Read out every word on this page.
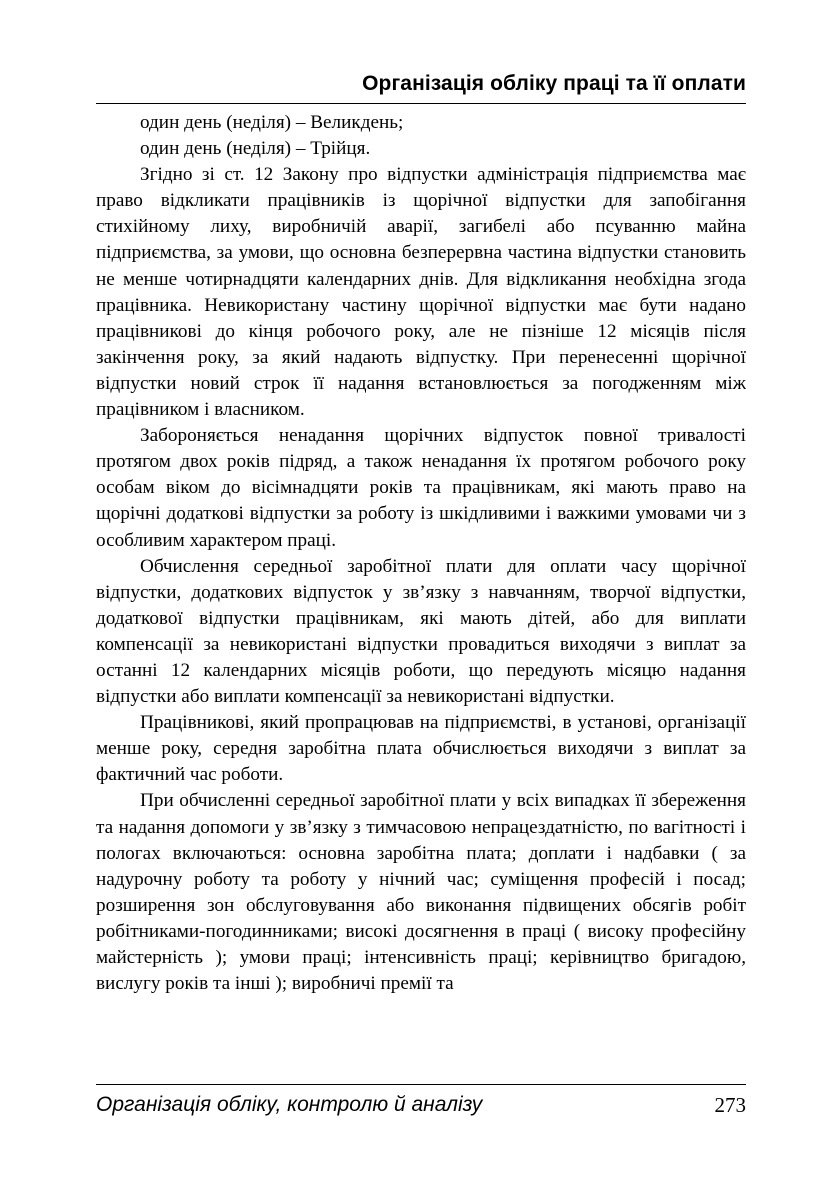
Організація обліку праці та її оплати

один день (неділя) – Великдень;

один день (неділя) – Трійця.

Згідно зі ст. 12 Закону про відпустки адміністрація підприємства має право відкликати працівників із щорічної відпустки для запобігання стихійному лиху, виробничій аварії, загибелі або псуванню майна підприємства, за умови, що основна безперервна частина відпустки становить не менше чотирнадцяти календарних днів. Для відкликання необхідна згода працівника. Невикористану частину щорічної відпустки має бути надано працівникові до кінця робочого року, але не пізніше 12 місяців після закінчення року, за який надають відпустку. При перенесенні щорічної відпустки новий строк її надання встановлюється за погодженням між працівником і власником.

Забороняється ненадання щорічних відпусток повної тривалості протягом двох років підряд, а також ненадання їх протягом робочого року особам віком до вісімнадцяти років та працівникам, які мають право на щорічні додаткові відпустки за роботу із шкідливими і важкими умовами чи з особливим характером праці.

Обчислення середньої заробітної плати для оплати часу щорічної відпустки, додаткових відпусток у зв’язку з навчанням, творчої відпустки, додаткової відпустки працівникам, які мають дітей, або для виплати компенсації за невикористані відпустки провадиться виходячи з виплат за останні 12 календарних місяців роботи, що передують місяцю надання відпустки або виплати компенсації за невикористані відпустки.

Працівникові, який пропрацював на підприємстві, в установі, організації менше року, середня заробітна плата обчислюється виходячи з виплат за фактичний час роботи.

При обчисленні середньої заробітної плати у всіх випадках її збереження та надання допомоги у зв’язку з тимчасовою непрацездатністю, по вагітності і пологах включаються: основна заробітна плата; доплати і надбавки ( за надурочну роботу та роботу у нічний час; суміщення професій і посад; розширення зон обслуговування або виконання підвищених обсягів робіт робітниками-погодинниками; високі досягнення в праці ( високу професійну майстерність ); умови праці; інтенсивність праці; керівництво бригадою, вислугу років та інші ); виробничі премії та

Організація обліку, контролю й аналізу	273
